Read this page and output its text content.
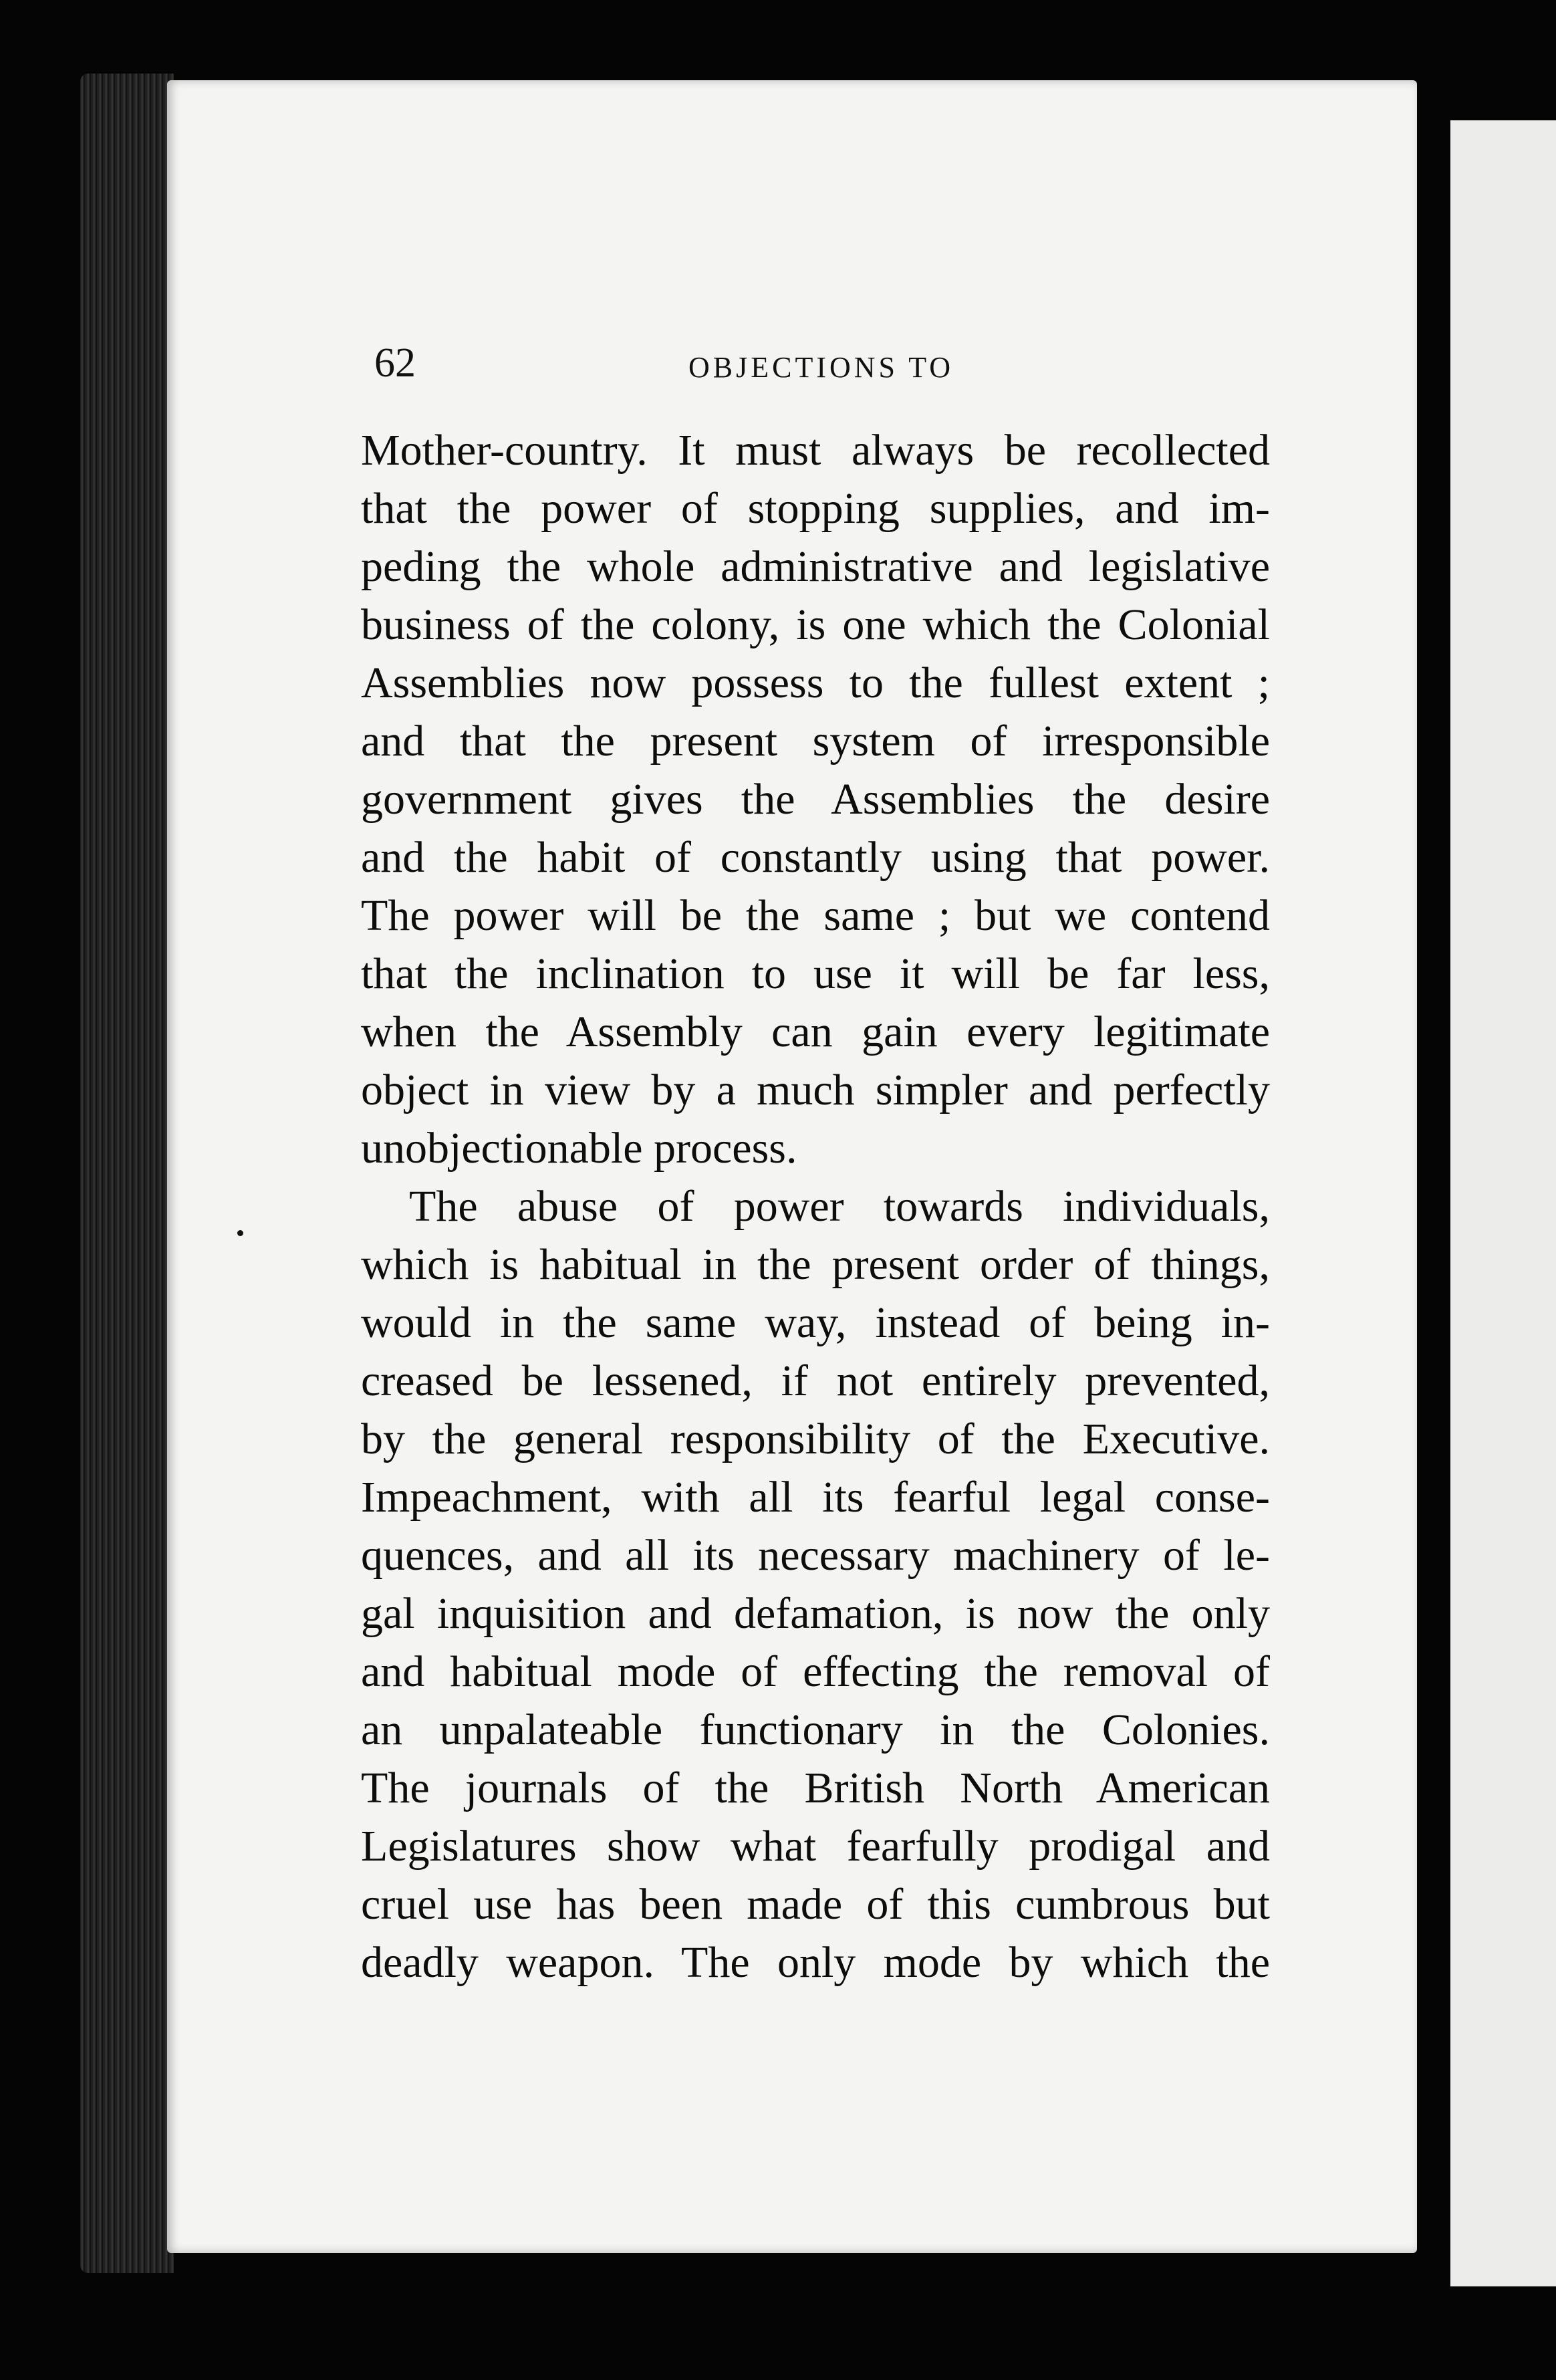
62	OBJECTIONS TO
Mother-country. It must always be recollected
that the power of stopping supplies, and im-
peding the whole administrative and legislative
business of the colony, is one which the Colonial
Assemblies now possess to the fullest extent ;
and that the present system of irresponsible
government gives the Assemblies the desire
and the habit of constantly using that power.
The power will be the same ; but we contend
that the inclination to use it will be far less,
when the Assembly can gain every legitimate
object in view by a much simpler and perfectly
unobjectionable process.
The abuse of power towards individuals,
which is habitual in the present order of things,
would in the same way, instead of being in-
creased be lessened, if not entirely prevented,
by the general responsibility of the Executive.
Impeachment, with all its fearful legal conse-
quences, and all its necessary machinery of le-
gal inquisition and defamation, is now the only
and habitual mode of effecting the removal of
an unpalateable functionary in the Colonies.
The journals of the British North American
Legislatures show what fearfully prodigal and
cruel use has been made of this cumbrous but
deadly weapon. The only mode by which the
